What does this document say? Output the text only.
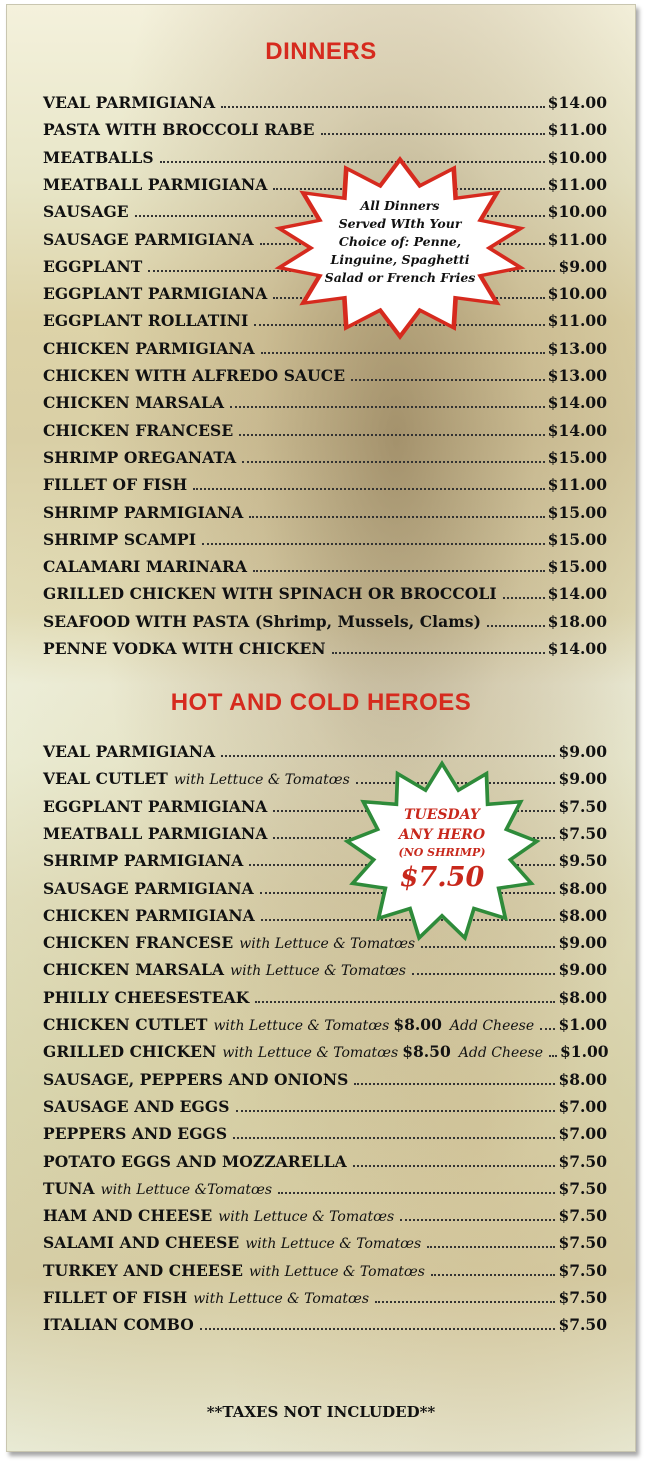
DINNERS
VEAL PARMIGIANA	$14.00
PASTA WITH BROCCOLI RABE	$11.00
MEATBALLS	$10.00
MEATBALL PARMIGIANA	$11.00
SAUSAGE	$10.00
SAUSAGE PARMIGIANA	$11.00
EGGPLANT	$9.00
EGGPLANT PARMIGIANA	$10.00
EGGPLANT ROLLATINI	$11.00
CHICKEN PARMIGIANA	$13.00
CHICKEN WITH ALFREDO SAUCE	$13.00
CHICKEN MARSALA	$14.00
CHICKEN FRANCESE	$14.00
SHRIMP OREGANATA	$15.00
FILLET OF FISH	$11.00
SHRIMP PARMIGIANA	$15.00
SHRIMP SCAMPI	$15.00
CALAMARI MARINARA	$15.00
GRILLED CHICKEN WITH SPINACH OR BROCCOLI	$14.00
SEAFOOD WITH PASTA (Shrimp, Mussels, Clams)	$18.00
PENNE VODKA WITH CHICKEN	$14.00
HOT AND COLD HEROES
VEAL PARMIGIANA	$9.00
VEAL CUTLET with Lettuce & Tomatœs	$9.00
EGGPLANT PARMIGIANA	$7.50
MEATBALL PARMIGIANA	$7.50
SHRIMP PARMIGIANA	$9.50
SAUSAGE PARMIGIANA	$8.00
CHICKEN PARMIGIANA	$8.00
CHICKEN FRANCESE with Lettuce & Tomatœs	$9.00
CHICKEN MARSALA with Lettuce & Tomatœs	$9.00
PHILLY CHEESESTEAK	$8.00
CHICKEN CUTLET with Lettuce & Tomatœs $8.00 Add Cheese $1.00
GRILLED CHICKEN with Lettuce & Tomatœs $8.50 Add Cheese $1.00
SAUSAGE, PEPPERS AND ONIONS	$8.00
SAUSAGE AND EGGS	$7.00
PEPPERS AND EGGS	$7.00
POTATO EGGS AND MOZZARELLA	$7.50
TUNA with Lettuce &Tomatœs	$7.50
HAM AND CHEESE with Lettuce & Tomatœs	$7.50
SALAMI AND CHEESE with Lettuce & Tomatœs	$7.50
TURKEY AND CHEESE with Lettuce & Tomatœs	$7.50
FILLET OF FISH with Lettuce & Tomatœs	$7.50
ITALIAN COMBO	$7.50
All Dinners
Served WIth Your
Choice of: Penne,
Linguine, Spaghetti
Salad or French Fries
TUESDAY
ANY HERO
(NO SHRIMP)
$7.50
**TAXES NOT INCLUDED**
